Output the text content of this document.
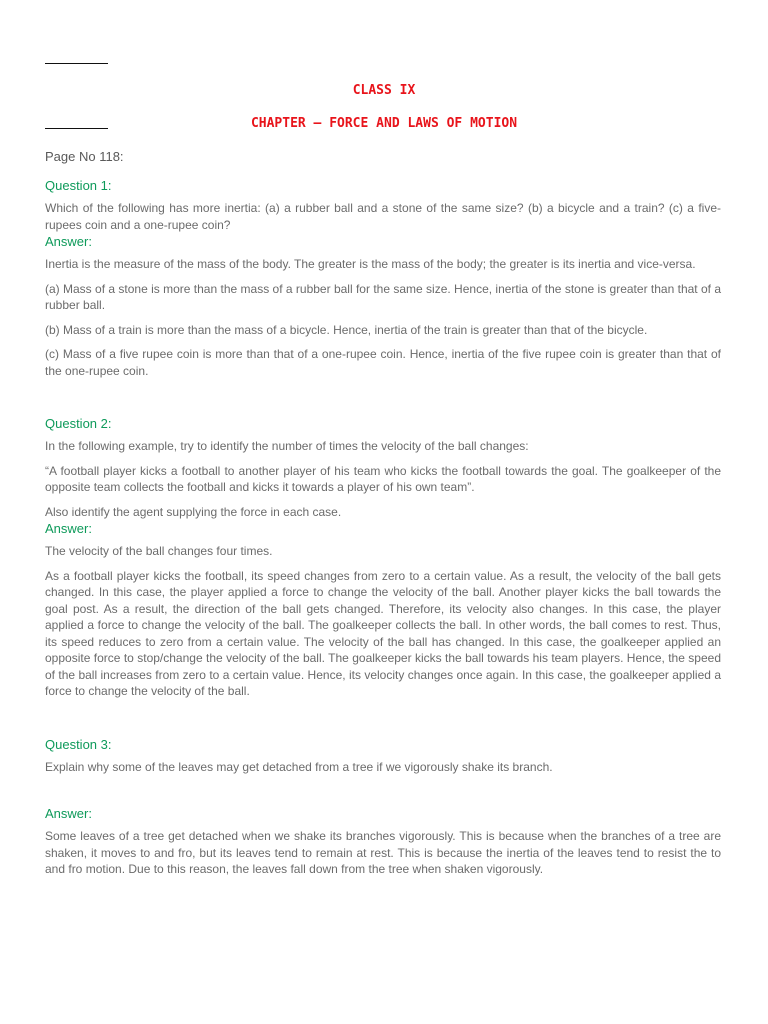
CLASS IX
CHAPTER – FORCE AND LAWS OF MOTION
Page No 118:
Question 1:

Which of the following has more inertia: (a) a rubber ball and a stone of the same size? (b) a bicycle and a train? (c) a five-rupees coin and a one-rupee coin?

Answer:

Inertia is the measure of the mass of the body. The greater is the mass of the body; the greater is its inertia and vice-versa.

(a) Mass of a stone is more than the mass of a rubber ball for the same size. Hence, inertia of the stone is greater than that of a rubber ball.

(b) Mass of a train is more than the mass of a bicycle. Hence, inertia of the train is greater than that of the bicycle.

(c) Mass of a five rupee coin is more than that of a one-rupee coin. Hence, inertia of the five rupee coin is greater than that of the one-rupee coin.

Question 2:

In the following example, try to identify the number of times the velocity of the ball changes:

“A football player kicks a football to another player of his team who kicks the football towards the goal. The goalkeeper of the opposite team collects the football and kicks it towards a player of his own team”.

Also identify the agent supplying the force in each case.

Answer:

The velocity of the ball changes four times.

As a football player kicks the football, its speed changes from zero to a certain value. As a result, the velocity of the ball gets changed. In this case, the player applied a force to change the velocity of the ball. Another player kicks the ball towards the goal post. As a result, the direction of the ball gets changed. Therefore, its velocity also changes. In this case, the player applied a force to change the velocity of the ball. The goalkeeper collects the ball. In other words, the ball comes to rest. Thus, its speed reduces to zero from a certain value. The velocity of the ball has changed. In this case, the goalkeeper applied an opposite force to stop/change the velocity of the ball. The goalkeeper kicks the ball towards his team players. Hence, the speed of the ball increases from zero to a certain value. Hence, its velocity changes once again. In this case, the goalkeeper applied a force to change the velocity of the ball.

Question 3:

Explain why some of the leaves may get detached from a tree if we vigorously shake its branch.

Answer:

Some leaves of a tree get detached when we shake its branches vigorously. This is because when the branches of a tree are shaken, it moves to and fro, but its leaves tend to remain at rest. This is because the inertia of the leaves tend to resist the to and fro motion. Due to this reason, the leaves fall down from the tree when shaken vigorously.
